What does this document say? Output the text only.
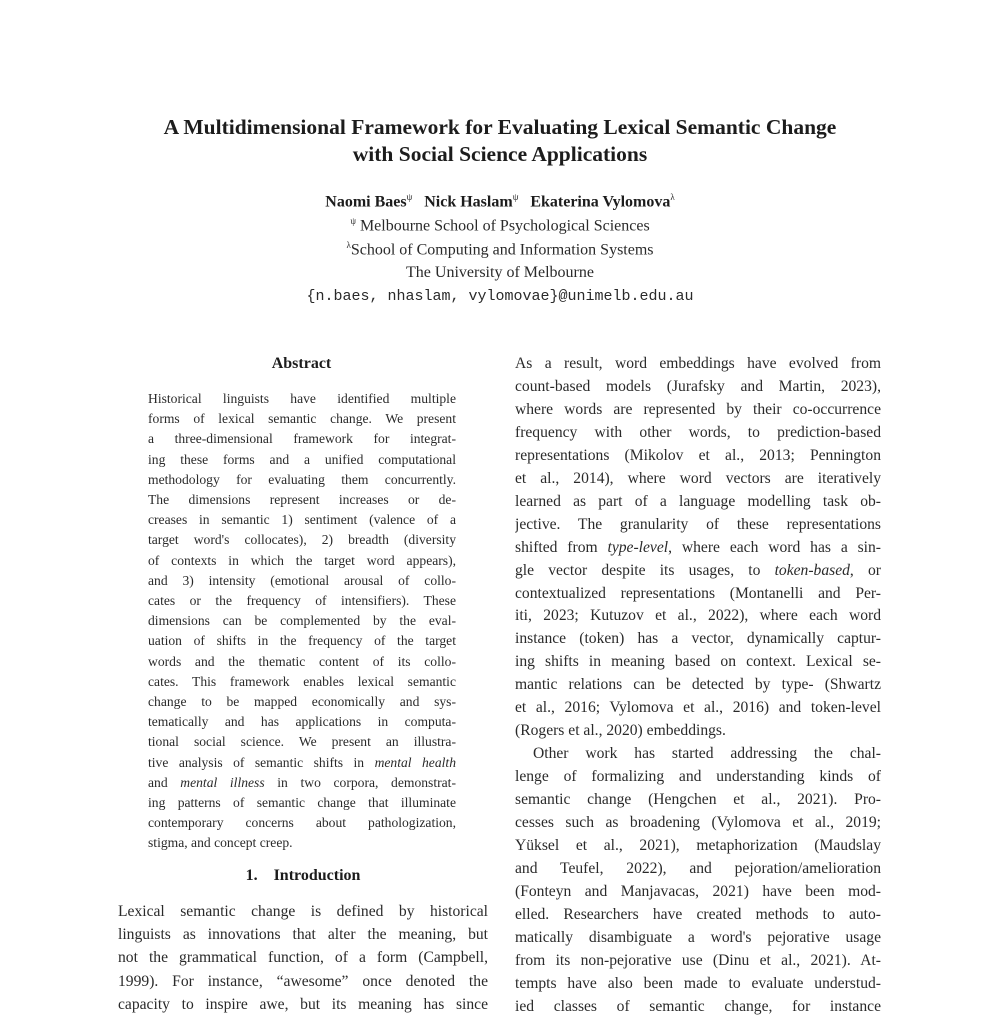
A Multidimensional Framework for Evaluating Lexical Semantic Change
with Social Science Applications
Naomi Baes$^\psi$ Nick Haslam$^\psi$ Ekaterina Vylomova$^\lambda$
$^\psi$ Melbourne School of Psychological Sciences
$^\lambda$School of Computing and Information Systems
The University of Melbourne
{n.baes, nhaslam, vylomovae}@unimelb.edu.au
Abstract
Historical linguists have identified multiple
forms of lexical semantic change. We present
a three-dimensional framework for integrat-
ing these forms and a unified computational
methodology for evaluating them concurrently.
The dimensions represent increases or de-
creases in semantic 1) sentiment (valence of a
target word's collocates), 2) breadth (diversity
of contexts in which the target word appears),
and 3) intensity (emotional arousal of collo-
cates or the frequency of intensifiers). These
dimensions can be complemented by the eval-
uation of shifts in the frequency of the target
words and the thematic content of its collo-
cates. This framework enables lexical semantic
change to be mapped economically and sys-
tematically and has applications in computa-
tional social science. We present an illustra-
tive analysis of semantic shifts in mental health
and mental illness in two corpora, demonstrat-
ing patterns of semantic change that illuminate
contemporary concerns about pathologization,
stigma, and concept creep.
1.    Introduction
Lexical semantic change is defined by historical
linguists as innovations that alter the meaning, but
not the grammatical function, of a form (Campbell,
1999). For instance, “awesome” once denoted the
capacity to inspire awe, but its meaning has since
As a result, word embeddings have evolved from
count-based models (Jurafsky and Martin, 2023),
where words are represented by their co-occurrence
frequency with other words, to prediction-based
representations (Mikolov et al., 2013; Pennington
et al., 2014), where word vectors are iteratively
learned as part of a language modelling task ob-
jective. The granularity of these representations
shifted from type-level, where each word has a sin-
gle vector despite its usages, to token-based, or
contextualized representations (Montanelli and Per-
iti, 2023; Kutuzov et al., 2022), where each word
instance (token) has a vector, dynamically captur-
ing shifts in meaning based on context. Lexical se-
mantic relations can be detected by type- (Shwartz
et al., 2016; Vylomova et al., 2016) and token-level
(Rogers et al., 2020) embeddings.
Other work has started addressing the chal-
lenge of formalizing and understanding kinds of
semantic change (Hengchen et al., 2021). Pro-
cesses such as broadening (Vylomova et al., 2019;
Yüksel et al., 2021), metaphorization (Maudslay
and Teufel, 2022), and pejoration/amelioration
(Fonteyn and Manjavacas, 2021) have been mod-
elled. Researchers have created methods to auto-
matically disambiguate a word's pejorative usage
from its non-pejorative use (Dinu et al., 2021). At-
tempts have also been made to evaluate understud-
ied classes of semantic change, for instance
